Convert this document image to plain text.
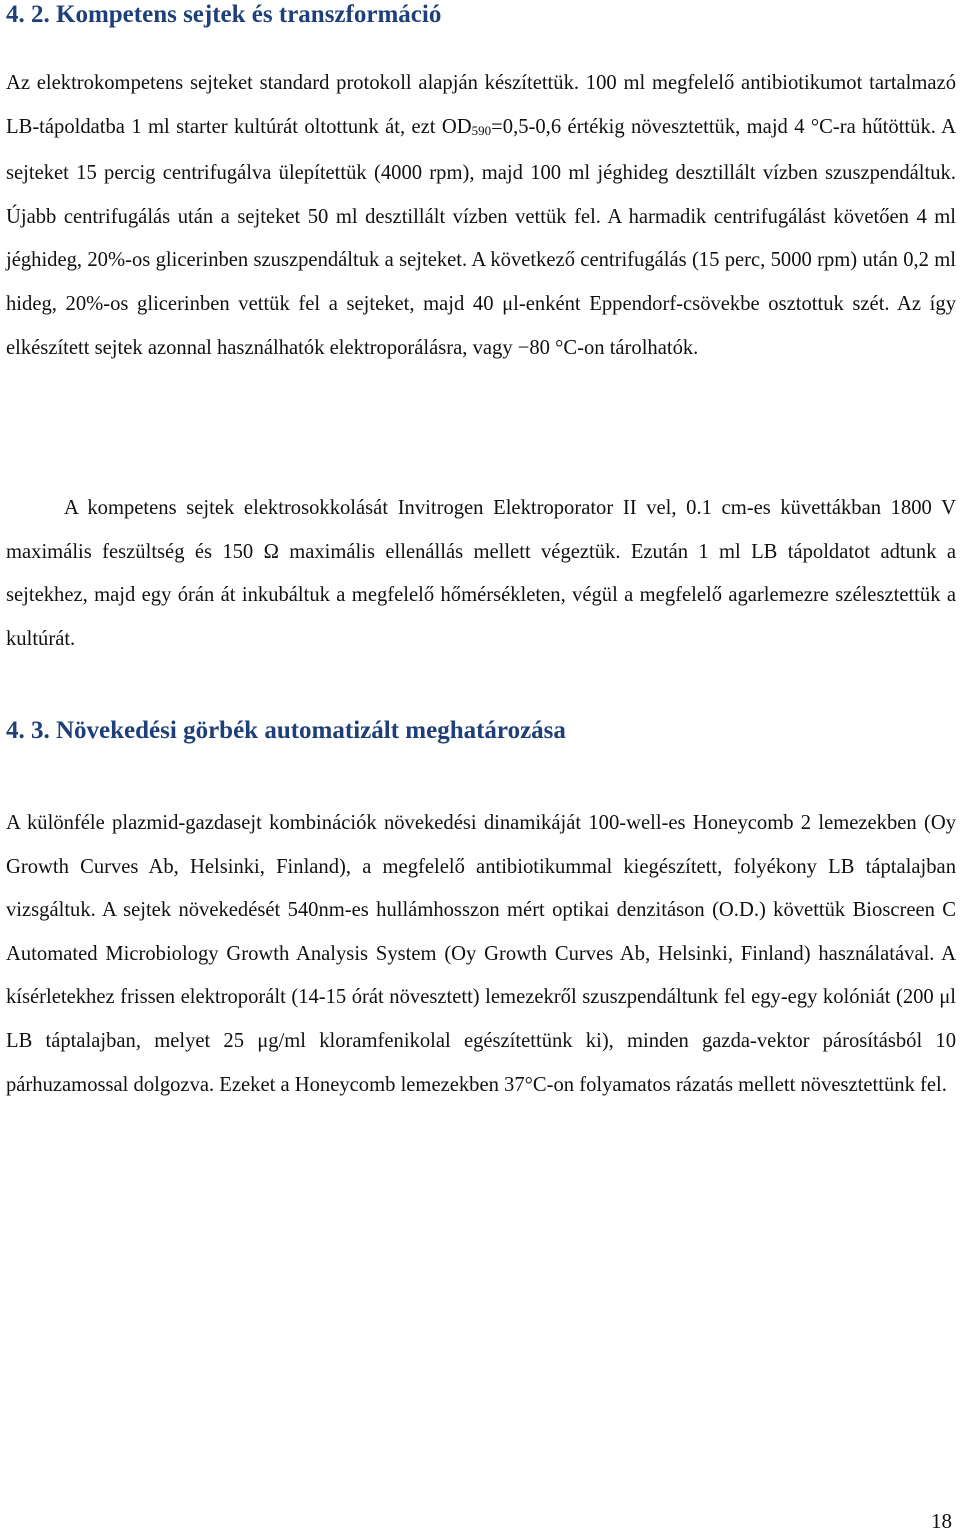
4. 2. Kompetens sejtek és transzformáció

Az elektrokompetens sejteket standard protokoll alapján készítettük. 100 ml megfelelő antibiotikumot tartalmazó LB-tápoldatba 1 ml starter kultúrát oltottunk át, ezt OD590=0,5-0,6 értékig növesztettük, majd 4 °C-ra hűtöttük. A sejteket 15 percig centrifugálva ülepítettük (4000 rpm), majd 100 ml jéghideg desztillált vízben szuszpendáltuk. Újabb centrifugálás után a sejteket 50 ml desztillált vízben vettük fel. A harmadik centrifugálást követően 4 ml jéghideg, 20%-os glicerinben szuszpendáltuk a sejteket. A következő centrifugálás (15 perc, 5000 rpm) után 0,2 ml hideg, 20%-os glicerinben vettük fel a sejteket, majd 40 μl-enként Eppendorf-csövekbe osztottuk szét. Az így elkészített sejtek azonnal használhatók elektroporálásra, vagy −80 °C-on tárolhatók.

A kompetens sejtek elektrosokkolását Invitrogen Elektroporator II vel, 0.1 cm-es küvettákban 1800 V maximális feszültség és 150 Ω maximális ellenállás mellett végeztük. Ezután 1 ml LB tápoldatot adtunk a sejtekhez, majd egy órán át inkubáltuk a megfelelő hőmérsékleten, végül a megfelelő agarlemezre szélesztettük a kultúrát.

4. 3. Növekedési görbék automatizált meghatározása

A különféle plazmid-gazdasejt kombinációk növekedési dinamikáját 100-well-es Honeycomb 2 lemezekben (Oy Growth Curves Ab, Helsinki, Finland), a megfelelő antibiotikummal kiegészített, folyékony LB táptalajban vizsgáltuk. A sejtek növekedését 540nm-es hullámhosszon mért optikai denzitáson (O.D.) követtük Bioscreen C Automated Microbiology Growth Analysis System (Oy Growth Curves Ab, Helsinki, Finland) használatával. A kísérletekhez frissen elektroporált (14-15 órát növesztett) lemezekről szuszpendáltunk fel egy-egy kolóniát (200 μl LB táptalajban, melyet 25 μg/ml kloramfenikolal egészítettünk ki), minden gazda-vektor párosításból 10 párhuzamossal dolgozva. Ezeket a Honeycomb lemezekben 37°C-on folyamatos rázatás mellett növesztettünk fel.

18
